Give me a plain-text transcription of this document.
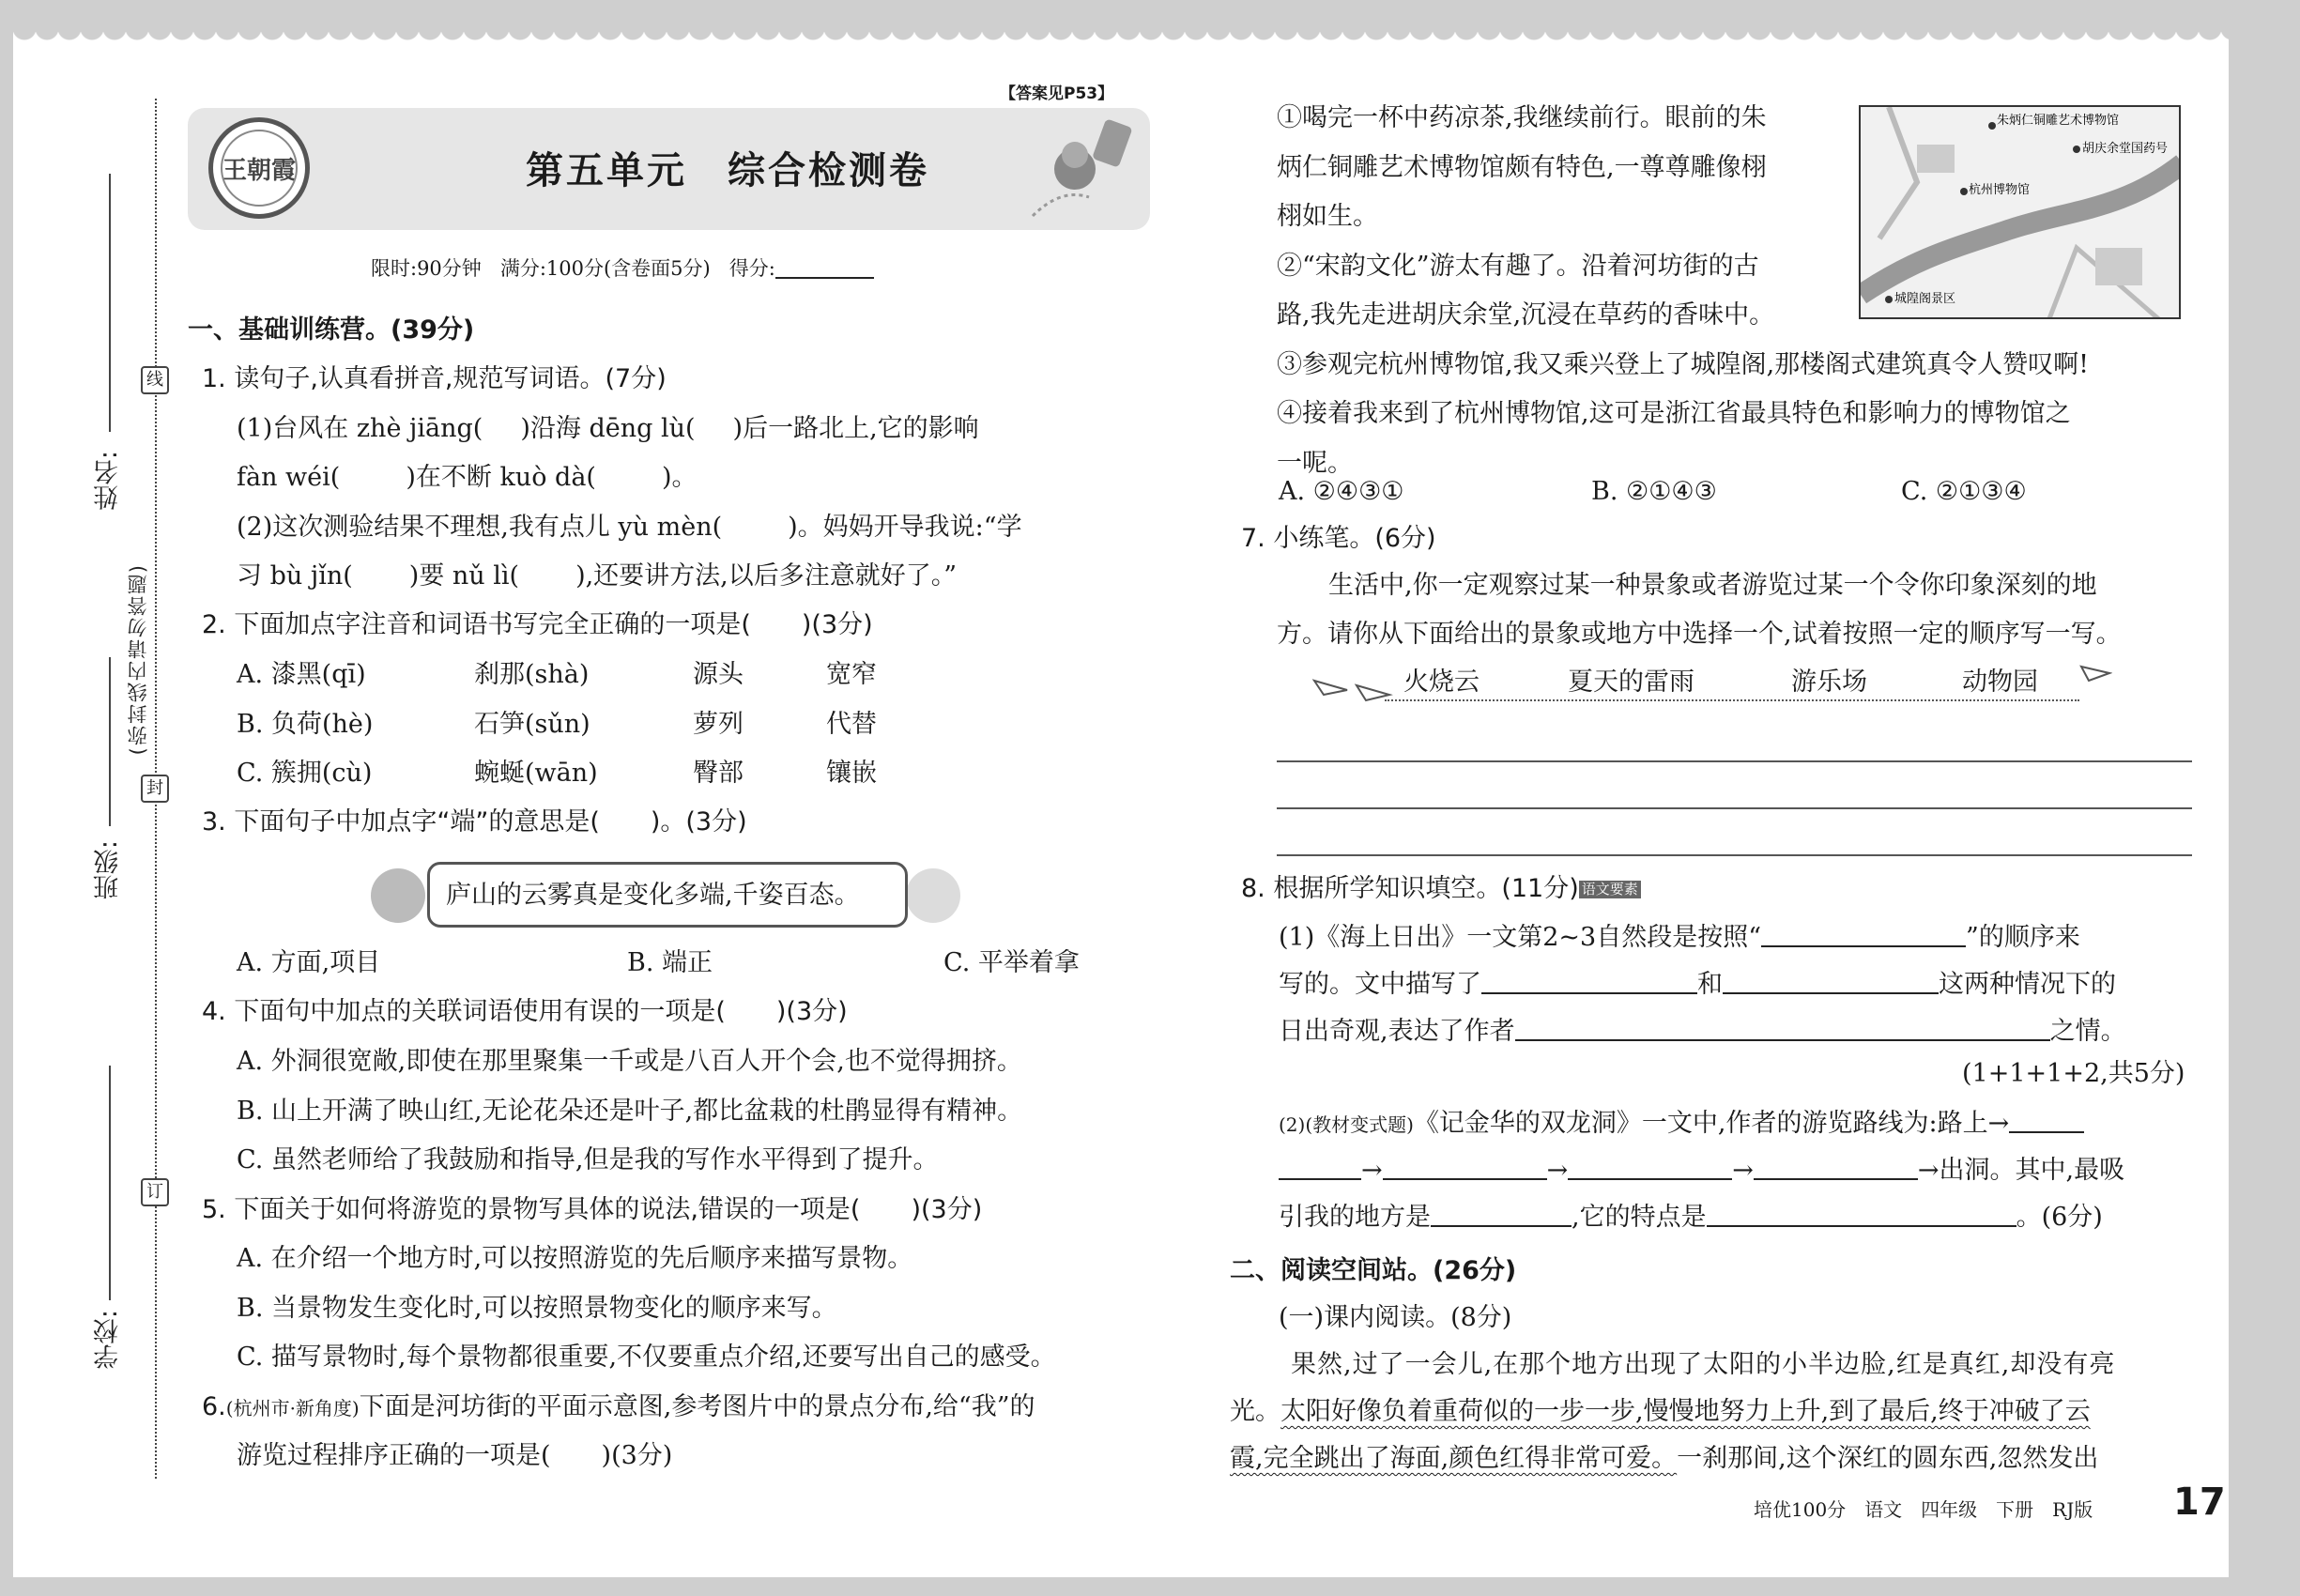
姓名:
班级:
学校:
(弥封线内请勿答题)
线
封
订
【答案见P53】
王朝霞	第五单元　综合检测卷
限时:90分钟 满分:100分(含卷面5分) 得分:
一、基础训练营。(39分)
1. 读句子,认真看拼音,规范写词语。(7分)
(1)台风在 zhè jiāng( )沿海 dēng lù( )后一路北上,它的影响
fàn wéi(	)在不断 kuò dà(	)。
(2)这次测验结果不理想,我有点儿 yù mèn(	)。妈妈开导我说:“学
习 bù jǐn( )要 nǔ lì( ),还要讲方法,以后多注意就好了。”
2. 下面加点字注音和词语书写完全正确的一项是(　　)(3分)
A. 漆黑(qī)	刹那(shà)	源头	宽窄
B. 负荷(hè)	石笋(sǔn)	萝列	代替
C. 簇拥(cù)	蜿蜒(wān)	臀部	镶嵌
3. 下面句子中加点字“端”的意思是(　　)。(3分)
庐山的云雾真是变化多端,千姿百态。
A. 方面,项目	B. 端正	C. 平举着拿
4. 下面句中加点的关联词语使用有误的一项是(　　)(3分)
A. 外洞很宽敞,即使在那里聚集一千或是八百人开个会,也不觉得拥挤。
B. 山上开满了映山红,无论花朵还是叶子,都比盆栽的杜鹃显得有精神。
C. 虽然老师给了我鼓励和指导,但是我的写作水平得到了提升。
5. 下面关于如何将游览的景物写具体的说法,错误的一项是(　　)(3分)
A. 在介绍一个地方时,可以按照游览的先后顺序来描写景物。
B. 当景物发生变化时,可以按照景物变化的顺序来写。
C. 描写景物时,每个景物都很重要,不仅要重点介绍,还要写出自己的感受。
6.(杭州市·新角度)下面是河坊街的平面示意图,参考图片中的景点分布,给“我”的
游览过程排序正确的一项是(　　)(3分)
①喝完一杯中药凉茶,我继续前行。眼前的朱
炳仁铜雕艺术博物馆颇有特色,一尊尊雕像栩
栩如生。
②“宋韵文化”游太有趣了。沿着河坊街的古
路,我先走进胡庆余堂,沉浸在草药的香味中。
③参观完杭州博物馆,我又乘兴登上了城隍阁,那楼阁式建筑真令人赞叹啊!
④接着我来到了杭州博物馆,这可是浙江省最具特色和影响力的博物馆之
一呢。
朱炳仁铜雕艺术博物馆
胡庆余堂国药号
杭州博物馆
城隍阁景区
A. ②④③①	B. ②①④③	C. ②①③④
7. 小练笔。(6分)
生活中,你一定观察过某一种景象或者游览过某一个令你印象深刻的地
方。请你从下面给出的景象或地方中选择一个,试着按照一定的顺序写一写。
火烧云	夏天的雷雨	游乐场	动物园
8. 根据所学知识填空。(11分) 语文要素
(1)《海上日出》一文第2~3自然段是按照“	”的顺序来
写的。文中描写了	和	这两种情况下的
日出奇观,表达了作者	之情。
(1+1+1+2,共5分)
(2)(教材变式题)《记金华的双龙洞》一文中,作者的游览路线为:路上→
→	→	→	→出洞。其中,最吸
引我的地方是	,它的特点是	。(6分)
二、阅读空间站。(26分)
(一)课内阅读。(8分)
果然,过了一会儿,在那个地方出现了太阳的小半边脸,红是真红,却没有亮
光。太阳好像负着重荷似的一步一步,慢慢地努力上升,到了最后,终于冲破了云
霞,完全跳出了海面,颜色红得非常可爱。一刹那间,这个深红的圆东西,忽然发出
培优100分　语文　四年级　下册　RJ版 17
